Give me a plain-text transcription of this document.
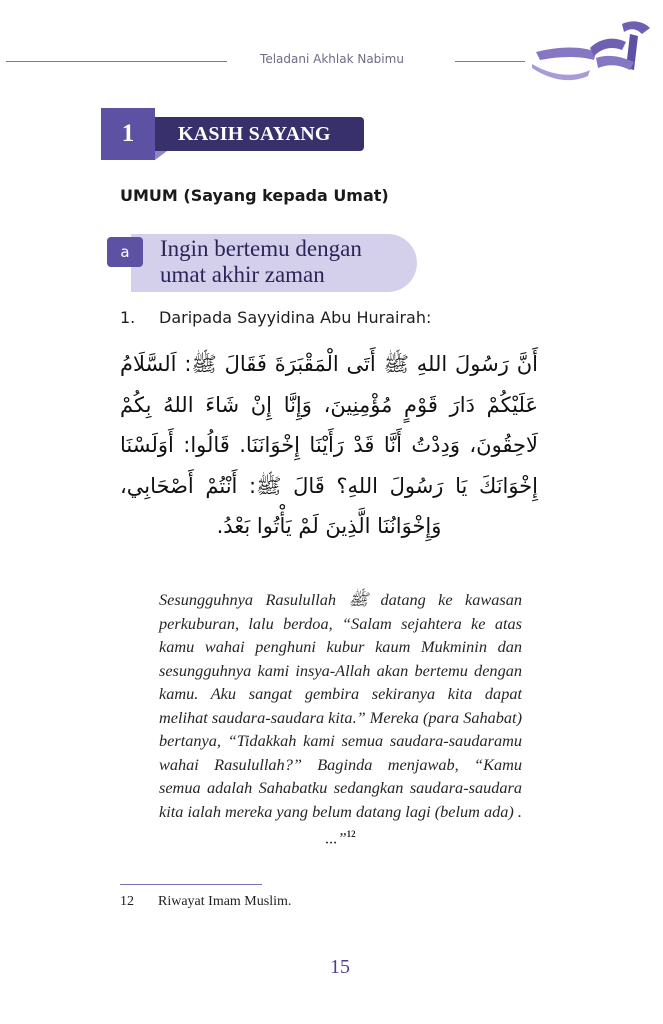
Teladani Akhlak Nabimu
1	KASIH SAYANG
UMUM (Sayang kepada Umat)
a	Ingin bertemu dengan umat akhir zaman
1. Daripada Sayyidina Abu Hurairah:
أَنَّ رَسُولَ اللهِ ﷺ أَتَى الْمَقْبَرَةَ فَقَالَ ﷺ: اَلسَّلَامُ عَلَيْكُمْ دَارَ قَوْمٍ مُؤْمِنِينَ، وَإِنَّا إِنْ شَاءَ اللهُ بِكُمْ لَاحِقُونَ، وَدِدْتُ أَنَّا قَدْ رَأَيْنَا إِخْوَانَنَا. قَالُوا: أَوَلَسْنَا إِخْوَانَكَ يَا رَسُولَ اللهِ؟ قَالَ ﷺ: أَنْتُمْ أَصْحَابِي، وَإِخْوَانُنَا الَّذِينَ لَمْ يَأْتُوا بَعْدُ.
Sesungguhnya Rasulullah ﷺ datang ke kawasan perkuburan, lalu berdoa, “Salam sejahtera ke atas kamu wahai penghuni kubur kaum Mukminin dan sesungguhnya kami insya-Allah akan bertemu dengan kamu. Aku sangat gembira sekiranya kita dapat melihat saudara-saudara kita.” Mereka (para Sahabat) bertanya, “Tidakkah kami semua saudara-saudaramu wahai Rasulullah?” Baginda menjawab, “Kamu semua adalah Sahabatku sedangkan saudara-saudara kita ialah mereka yang belum datang lagi (belum ada) . ...”$^{12}$
12 Riwayat Imam Muslim.
15
